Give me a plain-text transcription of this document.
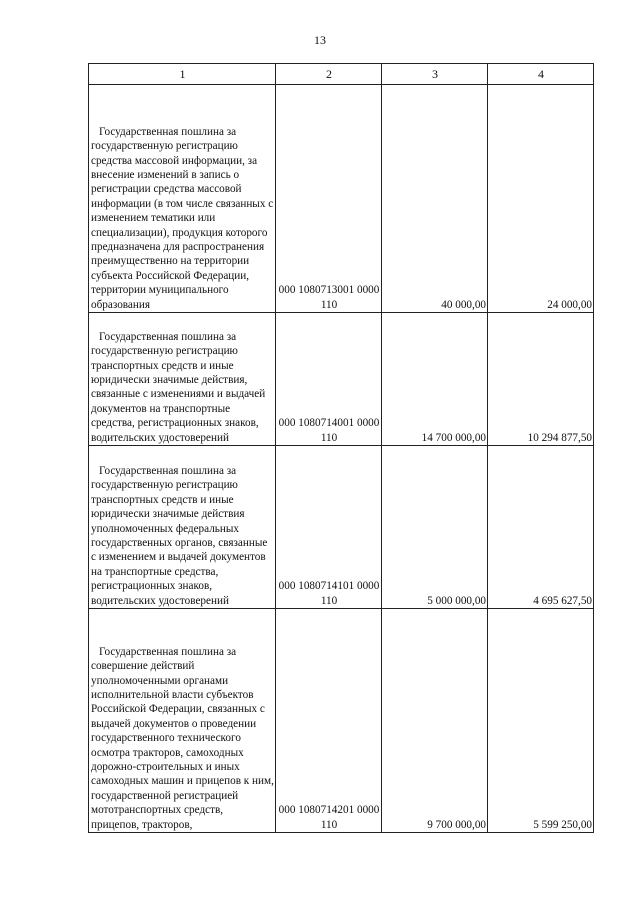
13
1	2	3	4

Государственная пошлина за государственную регистрацию средства массовой информации, за внесение изменений в запись о регистрации средства массовой информации (в том числе связанных с изменением тематики или специализации), продукция которого предназначена для распространения преимущественно на территории субъекта Российской Федерации, территории муниципального образования	000 1080713001 0000 110	40 000,00	24 000,00

Государственная пошлина за государственную регистрацию транспортных средств и иные юридически значимые действия, связанные с изменениями и выдачей документов на транспортные средства, регистрационных знаков, водительских удостоверений	000 1080714001 0000 110	14 700 000,00	10 294 877,50

Государственная пошлина за государственную регистрацию транспортных средств и иные юридически значимые действия уполномоченных федеральных государственных органов, связанные с изменением и выдачей документов на транспортные средства, регистрационных знаков, водительских удостоверений	000 1080714101 0000 110	5 000 000,00	4 695 627,50

Государственная пошлина за совершение действий уполномоченными органами исполнительной власти субъектов Российской Федерации, связанных с выдачей документов о проведении государственного технического осмотра тракторов, самоходных дорожно-строительных и иных самоходных машин и прицепов к ним, государственной регистрацией мототранспортных средств, прицепов, тракторов,	000 1080714201 0000 110	9 700 000,00	5 599 250,00
